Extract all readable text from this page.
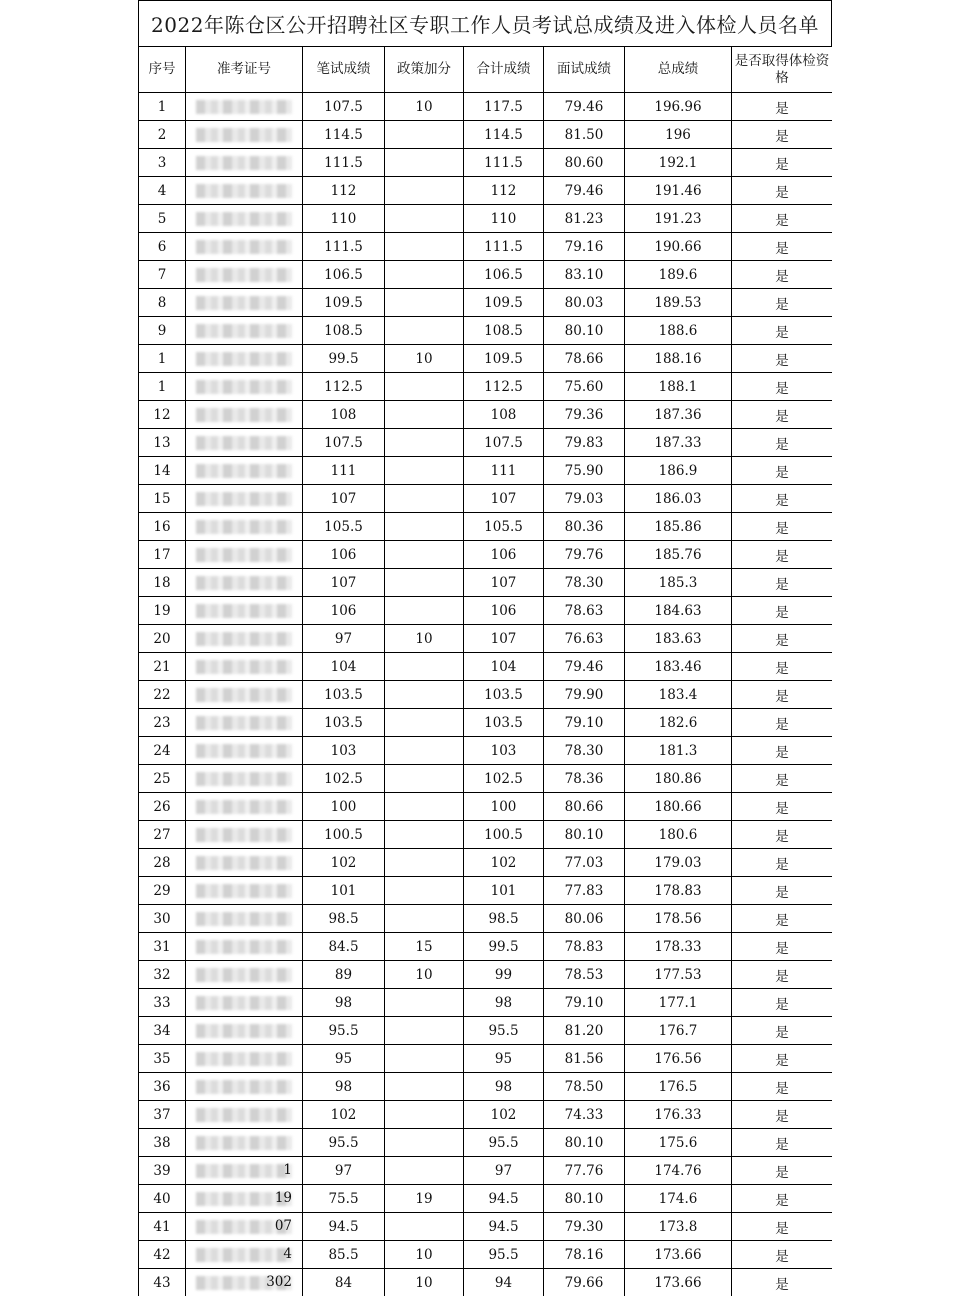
2022年陈仓区公开招聘社区专职工作人员考试总成绩及进入体检人员名单
序号	准考证号	笔试成绩	政策加分	合计成绩	面试成绩	总成绩	是否取得体检资格
1		107.5	10	117.5	79.46	196.96	是
2		114.5		114.5	81.50	196	是
3		111.5		111.5	80.60	192.1	是
4		112		112	79.46	191.46	是
5		110		110	81.23	191.23	是
6		111.5		111.5	79.16	190.66	是
7		106.5		106.5	83.10	189.6	是
8		109.5		109.5	80.03	189.53	是
9		108.5		108.5	80.10	188.6	是
1		99.5	10	109.5	78.66	188.16	是
1		112.5		112.5	75.60	188.1	是
12		108		108	79.36	187.36	是
13		107.5		107.5	79.83	187.33	是
14		111		111	75.90	186.9	是
15		107		107	79.03	186.03	是
16		105.5		105.5	80.36	185.86	是
17		106		106	79.76	185.76	是
18		107		107	78.30	185.3	是
19		106		106	78.63	184.63	是
20		97	10	107	76.63	183.63	是
21		104		104	79.46	183.46	是
22		103.5		103.5	79.90	183.4	是
23		103.5		103.5	79.10	182.6	是
24		103		103	78.30	181.3	是
25		102.5		102.5	78.36	180.86	是
26		100		100	80.66	180.66	是
27		100.5		100.5	80.10	180.6	是
28		102		102	77.03	179.03	是
29		101		101	77.83	178.83	是
30		98.5		98.5	80.06	178.56	是
31		84.5	15	99.5	78.83	178.33	是
32		89	10	99	78.53	177.53	是
33		98		98	79.10	177.1	是
34		95.5		95.5	81.20	176.7	是
35		95		95	81.56	176.56	是
36		98		98	78.50	176.5	是
37		102		102	74.33	176.33	是
38		95.5		95.5	80.10	175.6	是
39	1	97		97	77.76	174.76	是
40	19	75.5	19	94.5	80.10	174.6	是
41	07	94.5		94.5	79.30	173.8	是
42	4	85.5	10	95.5	78.16	173.66	是
43	302	84	10	94	79.66	173.66	是
